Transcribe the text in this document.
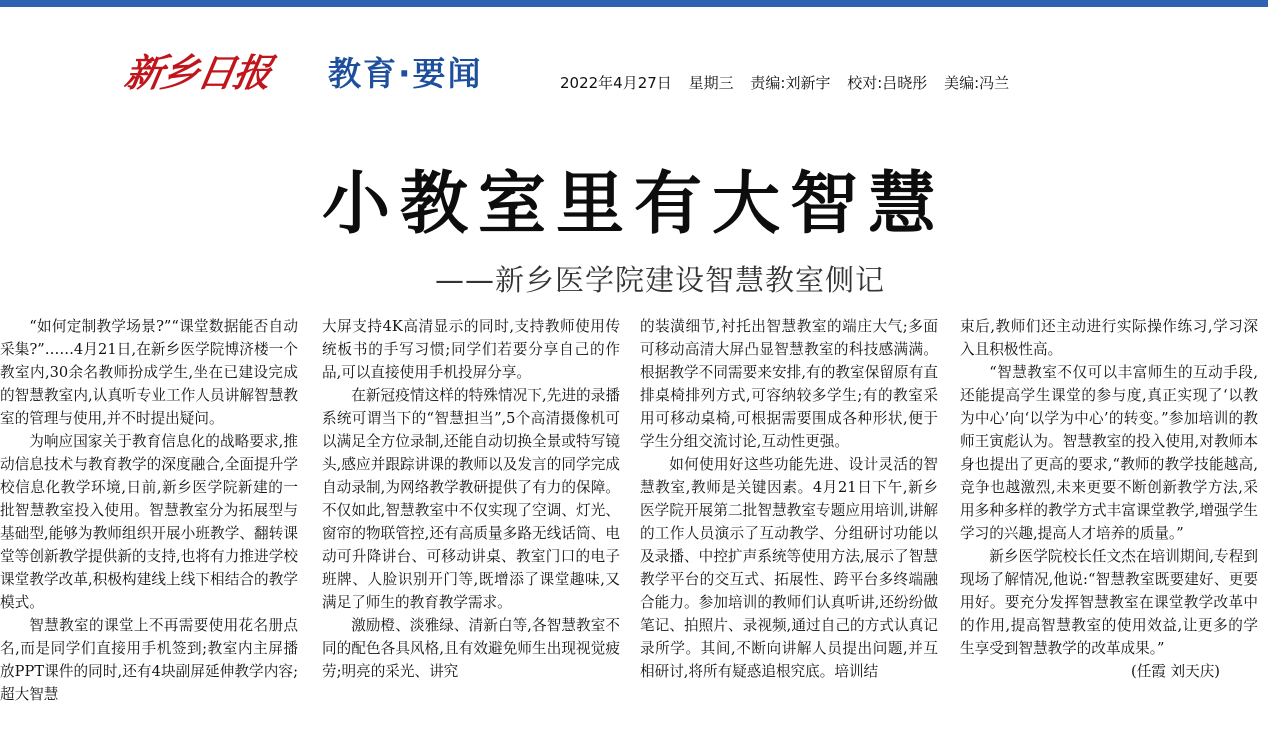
新乡日报 教育·要闻	2022年4月27日 星期三 责编:刘新宇 校对:吕晓彤 美编:冯兰
小教室里有大智慧
——新乡医学院建设智慧教室侧记

“如何定制教学场景?”“课堂数据能否自动采集?”……4月21日,在新乡医学院博济楼一个教室内,30余名教师扮成学生,坐在已建设完成的智慧教室内,认真听专业工作人员讲解智慧教室的管理与使用,并不时提出疑问。

为响应国家关于教育信息化的战略要求,推动信息技术与教育教学的深度融合,全面提升学校信息化教学环境,日前,新乡医学院新建的一批智慧教室投入使用。智慧教室分为拓展型与基础型,能够为教师组织开展小班教学、翻转课堂等创新教学提供新的支持,也将有力推进学校课堂教学改革,积极构建线上线下相结合的教学模式。

智慧教室的课堂上不再需要使用花名册点名,而是同学们直接用手机签到;教室内主屏播放PPT课件的同时,还有4块副屏延伸教学内容;超大智慧

大屏支持4K高清显示的同时,支持教师使用传统板书的手写习惯;同学们若要分享自己的作品,可以直接使用手机投屏分享。

在新冠疫情这样的特殊情况下,先进的录播系统可谓当下的“智慧担当”,5个高清摄像机可以满足全方位录制,还能自动切换全景或特写镜头,感应并跟踪讲课的教师以及发言的同学完成自动录制,为网络教学教研提供了有力的保障。不仅如此,智慧教室中不仅实现了空调、灯光、窗帘的物联管控,还有高质量多路无线话筒、电动可升降讲台、可移动讲桌、教室门口的电子班牌、人脸识别开门等,既增添了课堂趣味,又满足了师生的教育教学需求。

激励橙、淡雅绿、清新白等,各智慧教室不同的配色各具风格,且有效避免师生出现视觉疲劳;明亮的采光、讲究

的装潢细节,衬托出智慧教室的端庄大气;多面可移动高清大屏凸显智慧教室的科技感满满。根据教学不同需要来安排,有的教室保留原有直排桌椅排列方式,可容纳较多学生;有的教室采用可移动桌椅,可根据需要围成各种形状,便于学生分组交流讨论,互动性更强。

如何使用好这些功能先进、设计灵活的智慧教室,教师是关键因素。4月21日下午,新乡医学院开展第二批智慧教室专题应用培训,讲解的工作人员演示了互动教学、分组研讨功能以及录播、中控扩声系统等使用方法,展示了智慧教学平台的交互式、拓展性、跨平台多终端融合能力。参加培训的教师们认真听讲,还纷纷做笔记、拍照片、录视频,通过自己的方式认真记录所学。其间,不断向讲解人员提出问题,并互相研讨,将所有疑惑追根究底。培训结

束后,教师们还主动进行实际操作练习,学习深入且积极性高。

“智慧教室不仅可以丰富师生的互动手段,还能提高学生课堂的参与度,真正实现了‘以教为中心’向‘以学为中心’的转变。”参加培训的教师王寅彪认为。智慧教室的投入使用,对教师本身也提出了更高的要求,“教师的教学技能越高,竞争也越激烈,未来更要不断创新教学方法,采用多种多样的教学方式丰富课堂教学,增强学生学习的兴趣,提高人才培养的质量。”

新乡医学院校长任文杰在培训期间,专程到现场了解情况,他说:“智慧教室既要建好、更要用好。要充分发挥智慧教室在课堂教学改革中的作用,提高智慧教室的使用效益,让更多的学生享受到智慧教学的改革成果。”

(任霞 刘天庆)
